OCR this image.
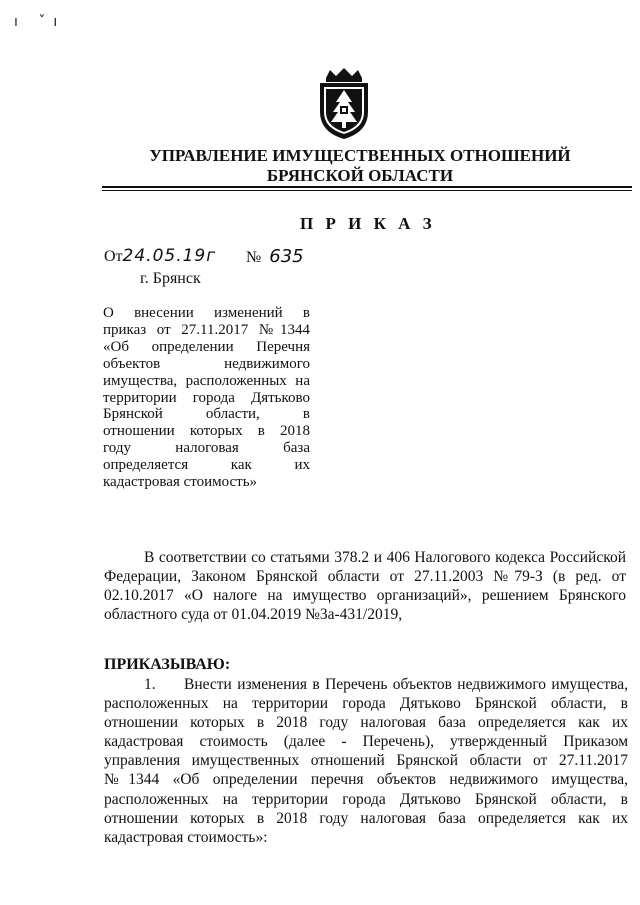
ı ˇı
УПРАВЛЕНИЕ ИМУЩЕСТВЕННЫХ ОТНОШЕНИЙ
БРЯНСКОЙ ОБЛАСТИ
П Р И К А З
От24.05.19г № 635
г. Брянск
О внесении изменений в
приказ от 27.11.2017 №1344
«Об определении Перечня
объектов недвижимого
имущества, расположенных на
территории города Дятьково
Брянской области, в
отношении которых в 2018
году налоговая база
определяется как их
кадастровая стоимость»
В соответствии со статьями 378.2 и 406 Налогового кодекса Российской Федерации, Законом Брянской области от 27.11.2003 №79-З (в ред. от 02.10.2017 «О налоге на имущество организаций», решением Брянского областного суда от 01.04.2019 №3а-431/2019,
ПРИКАЗЫВАЮ:
1. Внести изменения в Перечень объектов недвижимого имущества, расположенных на территории города Дятьково Брянской области, в отношении которых в 2018 году налоговая база определяется как их кадастровая стоимость (далее - Перечень), утвержденный Приказом управления имущественных отношений Брянской области от 27.11.2017 №1344 «Об определении перечня объектов недвижимого имущества, расположенных на территории города Дятьково Брянской области, в отношении которых в 2018 году налоговая база определяется как их кадастровая стоимость»:
